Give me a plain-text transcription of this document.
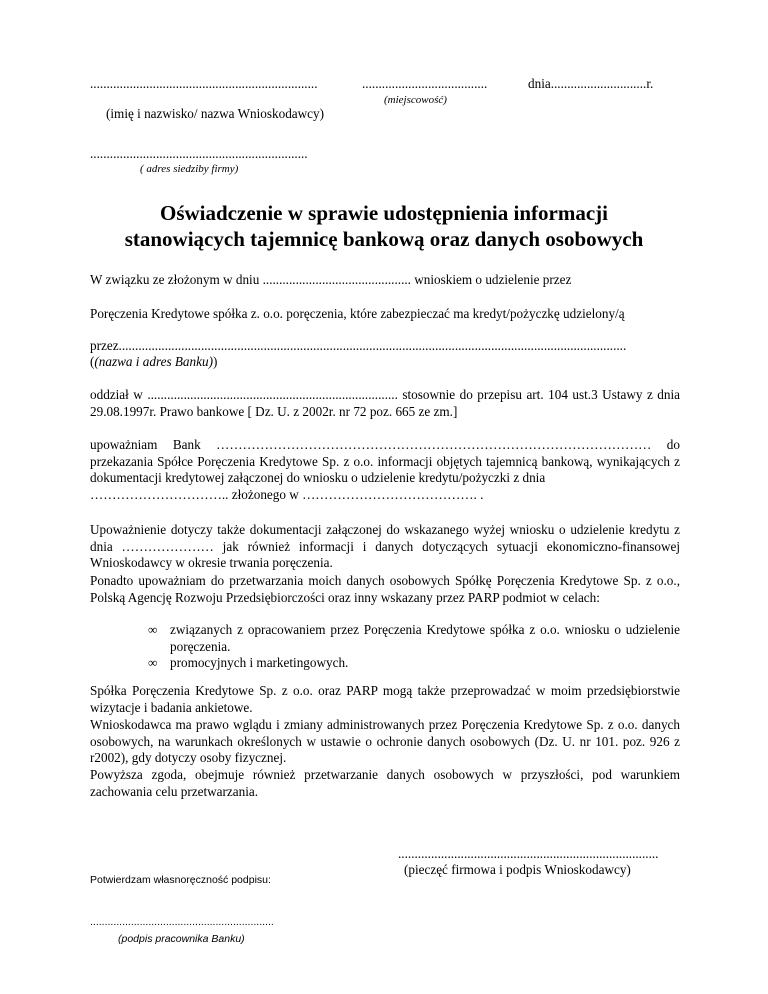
.....................................................................
(imię i nazwisko/ nazwa Wnioskodawcy)
......................................
(miejscowość)
dnia.............................r.
..................................................................
( adres siedziby firmy)
Oświadczenie w sprawie udostępnienia informacji
stanowiących tajemnicę bankową oraz danych osobowych
W związku ze złożonym w dniu ............................................. wnioskiem o udzielenie przez
Poręczenia Kredytowe spółka z. o.o. poręczenia, które zabezpieczać ma kredyt/pożyczkę udzielony/ą
przez..........................................................................................................................................................
((nazwa i adres Banku))
oddział w ............................................................................ stosownie do przepisu art. 104 ust.3 Ustawy z dnia 29.08.1997r. Prawo bankowe [ Dz. U. z 2002r. nr 72 poz. 665 ze zm.]
upoważniam Bank ……………………………………………………………………………………… do przekazania Spółce Poręczenia Kredytowe Sp. z o.o. informacji objętych tajemnicą bankową, wynikających z dokumentacji kredytowej załączonej do wniosku o udzielenie kredytu/pożyczki z dnia
………………………….. złożonego w …………………………………. .
Upoważnienie dotyczy także dokumentacji załączonej do wskazanego wyżej wniosku o udzielenie kredytu z dnia ………………… jak również informacji i danych dotyczących sytuacji ekonomiczno-finansowej Wnioskodawcy w okresie trwania poręczenia.
Ponadto upoważniam do przetwarzania moich danych osobowych Spółkę Poręczenia Kredytowe Sp. z o.o., Polską Agencję Rozwoju Przedsiębiorczości oraz inny wskazany przez PARP podmiot w celach:
∞ związanych z opracowaniem przez Poręczenia Kredytowe spółka z o.o. wniosku o udzielenie poręczenia.
∞ promocyjnych i marketingowych.
Spółka Poręczenia Kredytowe Sp. z o.o. oraz PARP mogą także przeprowadzać w moim przedsiębiorstwie wizytacje i badania ankietowe.
Wnioskodawca ma prawo wglądu i zmiany administrowanych przez Poręczenia Kredytowe Sp. z o.o. danych osobowych, na warunkach określonych w ustawie o ochronie danych osobowych (Dz. U. nr 101. poz. 926 z r2002), gdy dotyczy osoby fizycznej.
Powyższa zgoda, obejmuje również przetwarzanie danych osobowych w przyszłości, pod warunkiem zachowania celu przetwarzania.
...............................................................................
(pieczęć firmowa i podpis Wnioskodawcy)
Potwierdzam własnoręczność podpisu:
...............................................................
(podpis pracownika Banku)
